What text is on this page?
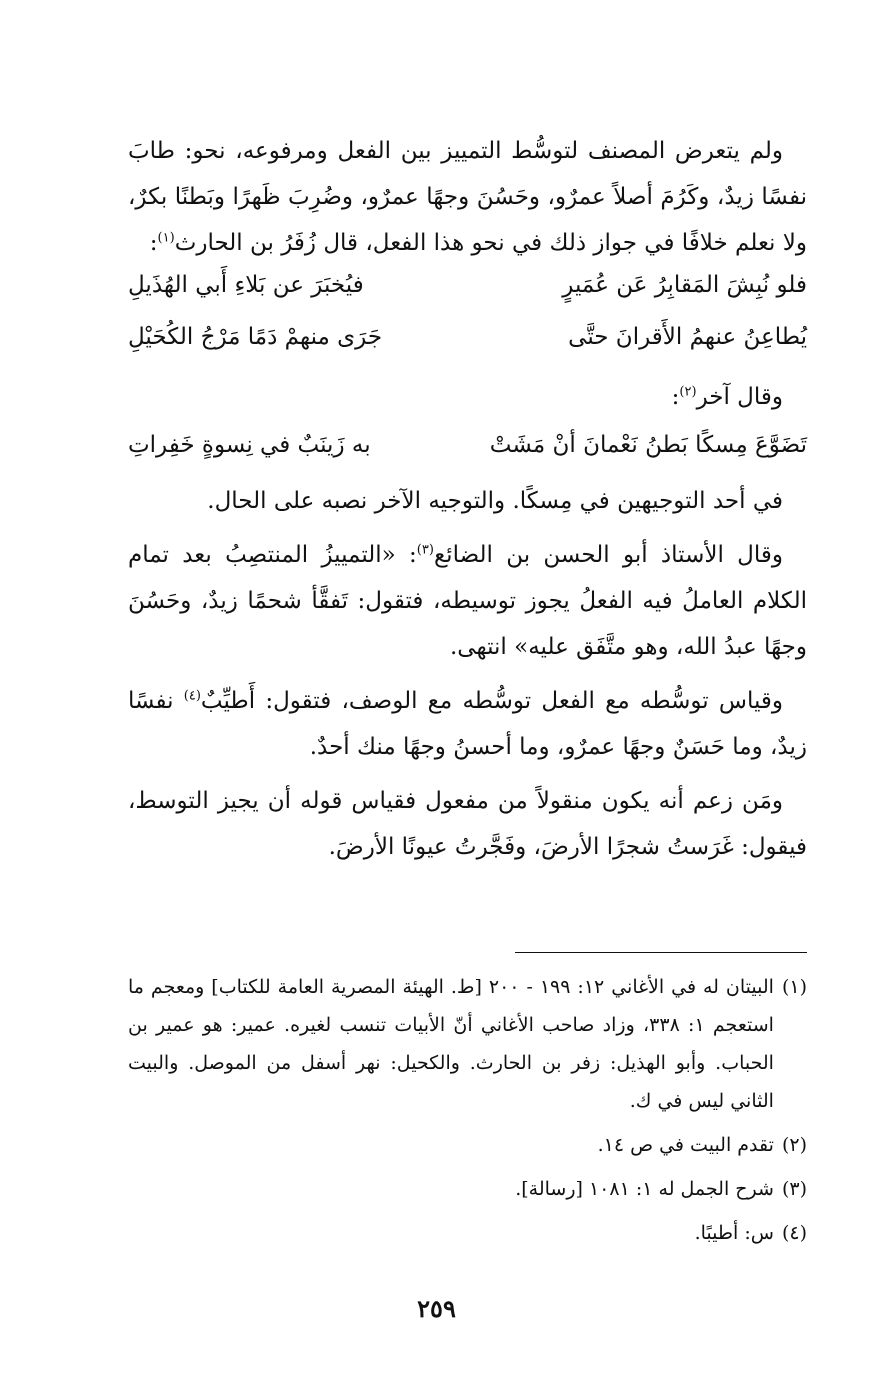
ولم يتعرض المصنف لتوسُّط التمييز بين الفعل ومرفوعه، نحو: طابَ نفسًا زيدٌ، وكَرُمَ أصلاً عمرٌو، وحَسُنَ وجهًا عمرٌو، وضُرِبَ ظَهرًا وبَطنًا بكرٌ، ولا نعلم خلافًا في جواز ذلك في نحو هذا الفعل، قال زُفَرُ بن الحارث$^{(١)}$:

فلو نُبِشَ المَقابِرُ عَن عُمَيرٍ
فيُخبَرَ عن بَلاءِ أَبي الهُذَيلِ
يُطاعِنُ عنهمُ الأَقرانَ حتَّى
جَرَى منهمْ دَمًا مَرْجُ الكُحَيْلِ
وقال آخر$^{(٢)}$:
تَضَوَّعَ مِسكًا بَطنُ نَعْمانَ أنْ مَشَتْ
به زَينَبٌ في نِسوةٍ خَفِراتِ

في أحد التوجيهين في مِسكًا. والتوجيه الآخر نصبه على الحال.

وقال الأستاذ أبو الحسن بن الضائع$^{(٣)}$: «التمييزُ المنتصِبُ بعد تمام الكلام العاملُ فيه الفعلُ يجوز توسيطه، فتقول: تَفقَّأ شحمًا زيدٌ، وحَسُنَ وجهًا عبدُ الله، وهو متَّفَق عليه» انتهى.

وقياس توسُّطه مع الفعل توسُّطه مع الوصف، فتقول: أَطيِّبٌ$^{(٤)}$ نفسًا زيدٌ، وما حَسَنٌ وجهًا عمرٌو، وما أحسنُ وجهًا منك أحدٌ.

ومَن زعم أنه يكون منقولاً من مفعول فقياس قوله أن يجيز التوسط، فيقول: غَرَستُ شجرًا الأرضَ، وفَجَّرتُ عيونًا الأرضَ.

(١)
البيتان له في الأغاني ١٢: ١٩٩ - ٢٠٠ [ط. الهيئة المصرية العامة للكتاب] ومعجم ما استعجم ١: ٣٣٨، وزاد صاحب الأغاني أنّ الأبيات تنسب لغيره. عمير: هو عمير بن الحباب. وأبو الهذيل: زفر بن الحارث. والكحيل: نهر أسفل من الموصل. والبيت الثاني ليس في ك.
(٢)
تقدم البيت في ص ١٤.
(٣)
شرح الجمل له ١: ١٠٨١ [رسالة].
(٤)
س: أطيبًا.
٢٥٩
